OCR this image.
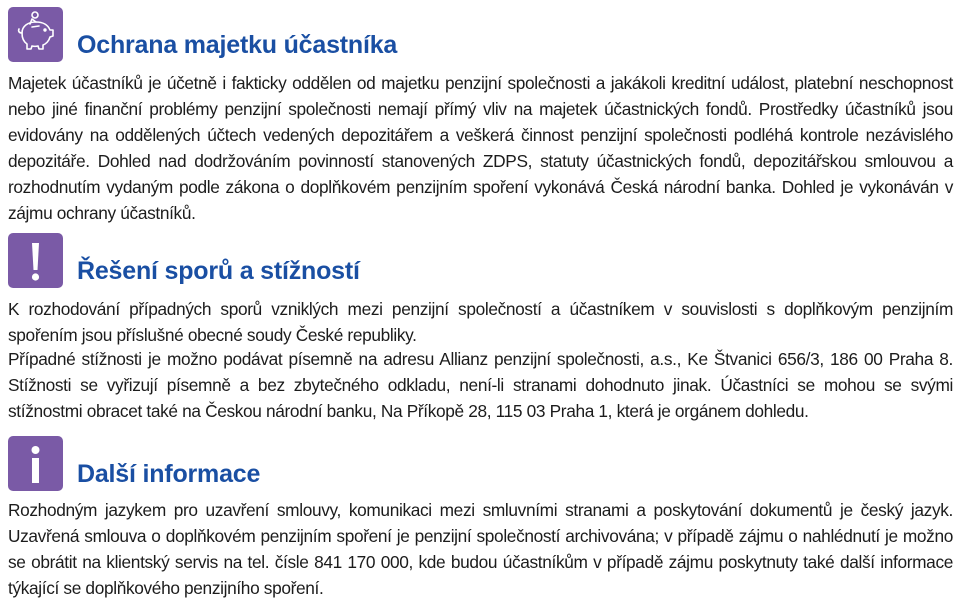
Ochrana majetku účastníka

Majetek účastníků je účetně i fakticky oddělen od majetku penzijní společnosti a jakákoli kreditní událost, platební neschopnost nebo jiné finanční problémy penzijní společnosti nemají přímý vliv na majetek účastnických fondů. Prostředky účastníků jsou evidovány na oddělených účtech vedených depozitářem a veškerá činnost penzijní společnosti podléhá kontrole nezávislého depozitáře. Dohled nad dodržováním povinností stanovených ZDPS, statuty účastnických fondů, depozitářskou smlouvou a rozhodnutím vydaným podle zákona o doplňkovém penzijním spoření vykonává Česká národní banka. Dohled je vykonáván v zájmu ochrany účastníků.

Řešení sporů a stížností

K rozhodování případných sporů vzniklých mezi penzijní společností a účastníkem v souvislosti s doplňkovým penzijním spořením jsou příslušné obecné soudy České republiky.

Případné stížnosti je možno podávat písemně na adresu Allianz penzijní společnosti, a.s., Ke Štvanici 656/3, 186 00 Praha 8. Stížnosti se vyřizují písemně a bez zbytečného odkladu, není-li stranami dohodnuto jinak. Účastníci se mohou se svými stížnostmi obracet také na Českou národní banku, Na Příkopě 28, 115 03 Praha 1, která je orgánem dohledu.

Další informace

Rozhodným jazykem pro uzavření smlouvy, komunikaci mezi smluvními stranami a poskytování dokumentů je český jazyk. Uzavřená smlouva o doplňkovém penzijním spoření je penzijní společností archivována; v případě zájmu o nahlédnutí je možno se obrátit na klientský servis na tel. čísle 841 170 000, kde budou účastníkům v případě zájmu poskytnuty také další informace týkající se doplňkového penzijního spoření.
